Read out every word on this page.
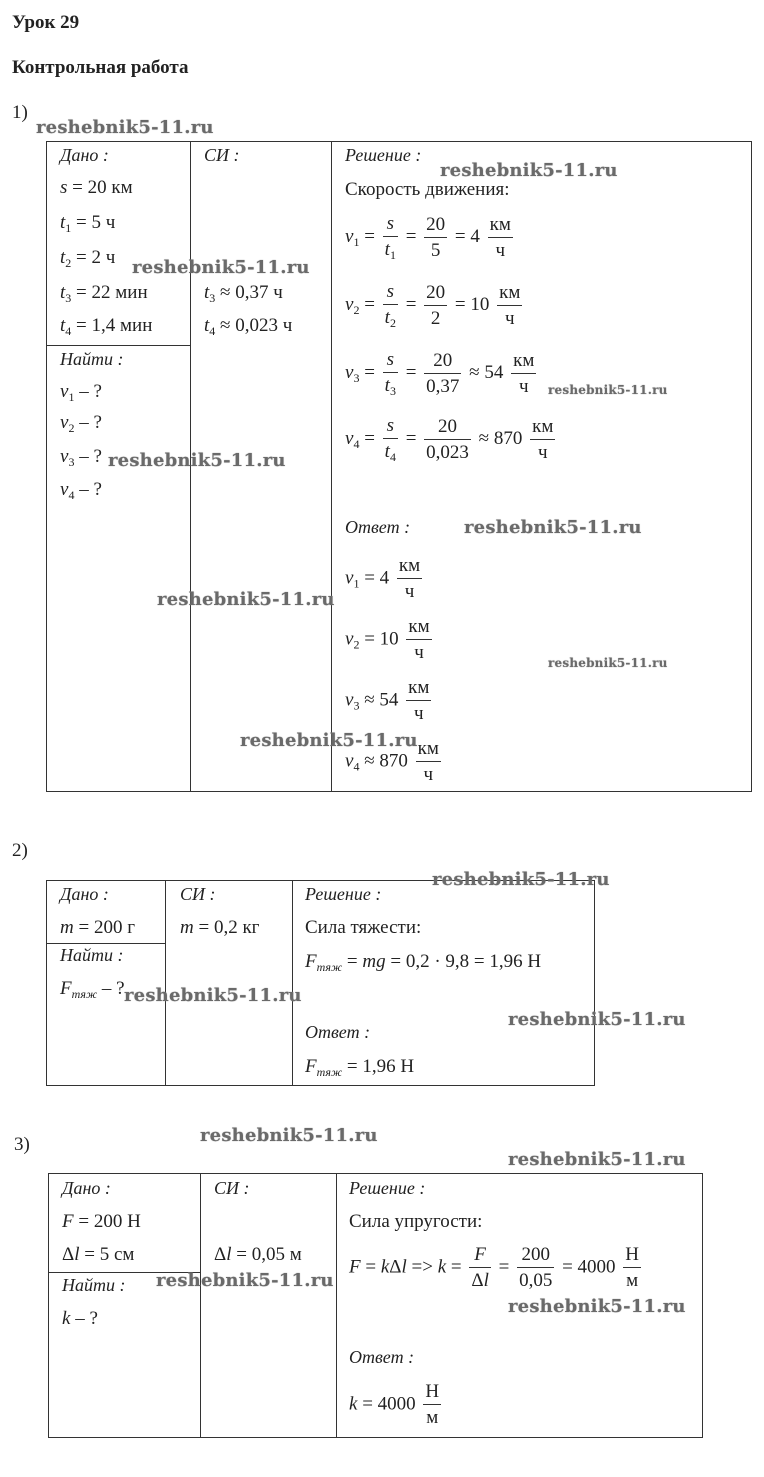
Урок 29
Контрольная работа
1)
Дано :
s = 20 км
$t_1 = 5$ ч
$t_2 = 2$ ч
$t_3 = 22$ мин
$t_4 = 1,4$ мин
Найти :
$v_1$ – ?
$v_2$ – ?
$v_3$ – ?
$v_4$ – ?
СИ :
$t_3 \approx 0,37$ ч
$t_4 \approx 0,023$ ч
Решение :
Скорость движения:
$v_1 = \frac{s}{t_1} = \frac{20}{5} = 4 \frac{км}{ч}$
$v_2 = \frac{s}{t_2} = \frac{20}{2} = 10 \frac{км}{ч}$
$v_3 = \frac{s}{t_3} = \frac{20}{0,37} \approx 54 \frac{км}{ч}$
$v_4 = \frac{s}{t_4} = \frac{20}{0,023} \approx 870 \frac{км}{ч}$
Ответ :
$v_1 = 4 \frac{км}{ч}$
$v_2 = 10 \frac{км}{ч}$
$v_3 \approx 54 \frac{км}{ч}$
$v_4 \approx 870 \frac{км}{ч}$
2)
Дано :
m = 200 г
Найти :
$F_{тяж}$ – ?
СИ :
m = 0,2 кг
Решение :
Сила тяжести:
$F_{тяж}$ = mg = 0,2 · 9,8 = 1,96 Н
Ответ :
$F_{тяж} = 1,96$ Н
3)
Дано :
F = 200 Н
Δl = 5 см
Найти :
k – ?
СИ :
Δl = 0,05 м
Решение :
Сила упругости:
$F = k\Delta l => k = \frac{F}{\Delta l} = \frac{200}{0,05} = 4000 \frac{Н}{м}$
Ответ :
$k = 4000 \frac{Н}{м}$
reshebnik5-11.ru
reshebnik5-11.ru
reshebnik5-11.ru
reshebnik5-11.ru
reshebnik5-11.ru
reshebnik5-11.ru
reshebnik5-11.ru
reshebnik5-11.ru
reshebnik5-11.ru
reshebnik5-11.ru
reshebnik5-11.ru
reshebnik5-11.ru
reshebnik5-11.ru
reshebnik5-11.ru
reshebnik5-11.ru
reshebnik5-11.ru
